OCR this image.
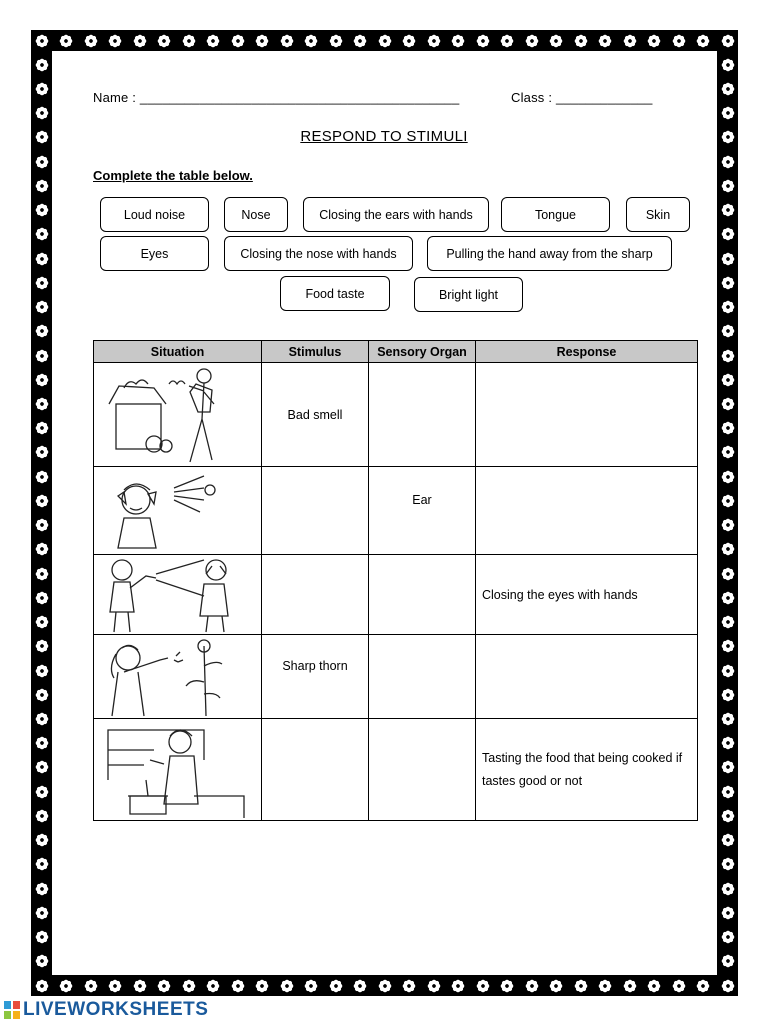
Name : ___________________________________________	Class : _____________
RESPOND TO STIMULI
Complete the table below.
Loud noise	Nose	Closing the ears with hands	Tongue	Skin
Eyes	Closing the nose with hands	Pulling the hand away from the sharp
Food taste	Bright light
Situation	Stimulus	Sensory Organ	Response

	Bad smell		

		Ear	

			Closing the eyes with hands

	Sharp thorn		

			Tasting the food that being cooked if tastes good or not
LIVEWORKSHEETS
